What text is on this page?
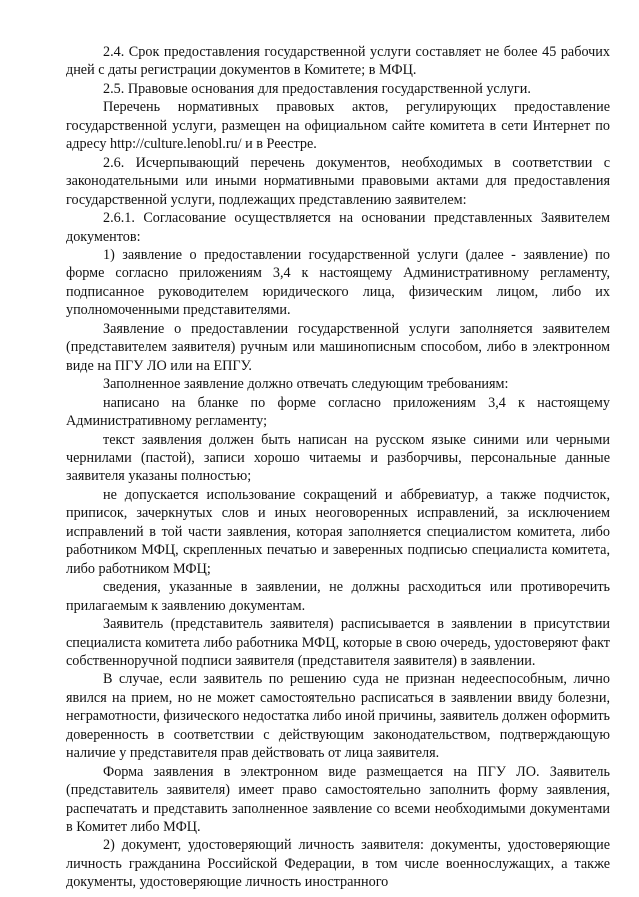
2.4. Срок предоставления государственной услуги составляет не более 45 рабочих дней с даты регистрации документов в Комитете; в МФЦ.

2.5. Правовые основания для предоставления государственной услуги.

Перечень нормативных правовых актов, регулирующих предоставление государственной услуги, размещен на официальном сайте комитета в сети Интернет по адресу http://culture.lenobl.ru/ и в Реестре.

2.6. Исчерпывающий перечень документов, необходимых в соответствии с законодательными или иными нормативными правовыми актами для предоставления государственной услуги, подлежащих представлению заявителем:

2.6.1. Согласование осуществляется на основании представленных Заявителем документов:

1) заявление о предоставлении государственной услуги (далее - заявление) по форме согласно приложениям 3,4 к настоящему Административному регламенту, подписанное руководителем юридического лица, физическим лицом, либо их уполномоченными представителями.

Заявление о предоставлении государственной услуги заполняется заявителем (представителем заявителя) ручным или машинописным способом, либо в электронном виде на ПГУ ЛО или на ЕПГУ.

Заполненное заявление должно отвечать следующим требованиям:

написано на бланке по форме согласно приложениям 3,4 к настоящему Административному регламенту;

текст заявления должен быть написан на русском языке синими или черными чернилами (пастой), записи хорошо читаемы и разборчивы, персональные данные заявителя указаны полностью;

не допускается использование сокращений и аббревиатур, а также подчисток, приписок, зачеркнутых слов и иных неоговоренных исправлений, за исключением исправлений в той части заявления, которая заполняется специалистом комитета, либо работником МФЦ, скрепленных печатью и заверенных подписью специалиста комитета, либо работником МФЦ;

сведения, указанные в заявлении, не должны расходиться или противоречить прилагаемым к заявлению документам.

Заявитель (представитель заявителя) расписывается в заявлении в присутствии специалиста комитета либо работника МФЦ, которые в свою очередь, удостоверяют факт собственноручной подписи заявителя (представителя заявителя) в заявлении.

В случае, если заявитель по решению суда не признан недееспособным, лично явился на прием, но не может самостоятельно расписаться в заявлении ввиду болезни, неграмотности, физического недостатка либо иной причины, заявитель должен оформить доверенность в соответствии с действующим законодательством, подтверждающую наличие у представителя прав действовать от лица заявителя.

Форма заявления в электронном виде размещается на ПГУ ЛО. Заявитель (представитель заявителя) имеет право самостоятельно заполнить форму заявления, распечатать и представить заполненное заявление со всеми необходимыми документами в Комитет либо МФЦ.

2) документ, удостоверяющий личность заявителя: документы, удостоверяющие личность гражданина Российской Федерации, в том числе военнослужащих, а также документы, удостоверяющие личность иностранного
